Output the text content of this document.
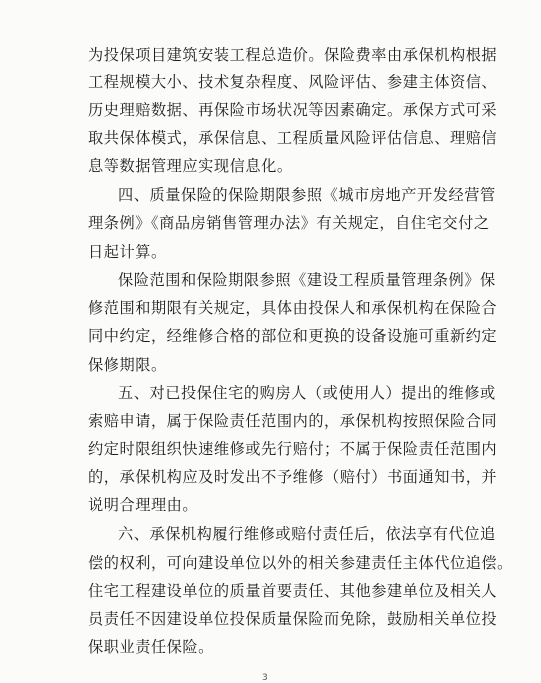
为投保项目建筑安装工程总造价。保险费率由承保机构根据
工程规模大小、技术复杂程度、风险评估、参建主体资信、
历史理赔数据、再保险市场状况等因素确定。承保方式可采
取共保体模式，承保信息、工程质量风险评估信息、理赔信
息等数据管理应实现信息化。
四、质量保险的保险期限参照《城市房地产开发经营管
理条例》《商品房销售管理办法》有关规定，自住宅交付之
日起计算。
保险范围和保险期限参照《建设工程质量管理条例》保
修范围和期限有关规定，具体由投保人和承保机构在保险合
同中约定，经维修合格的部位和更换的设备设施可重新约定
保修期限。
五、对已投保住宅的购房人（或使用人）提出的维修或
索赔申请，属于保险责任范围内的，承保机构按照保险合同
约定时限组织快速维修或先行赔付；不属于保险责任范围内
的，承保机构应及时发出不予维修（赔付）书面通知书，并
说明合理理由。
六、承保机构履行维修或赔付责任后，依法享有代位追
偿的权利，可向建设单位以外的相关参建责任主体代位追偿。
住宅工程建设单位的质量首要责任、其他参建单位及相关人
员责任不因建设单位投保质量保险而免除，鼓励相关单位投
保职业责任保险。
3
